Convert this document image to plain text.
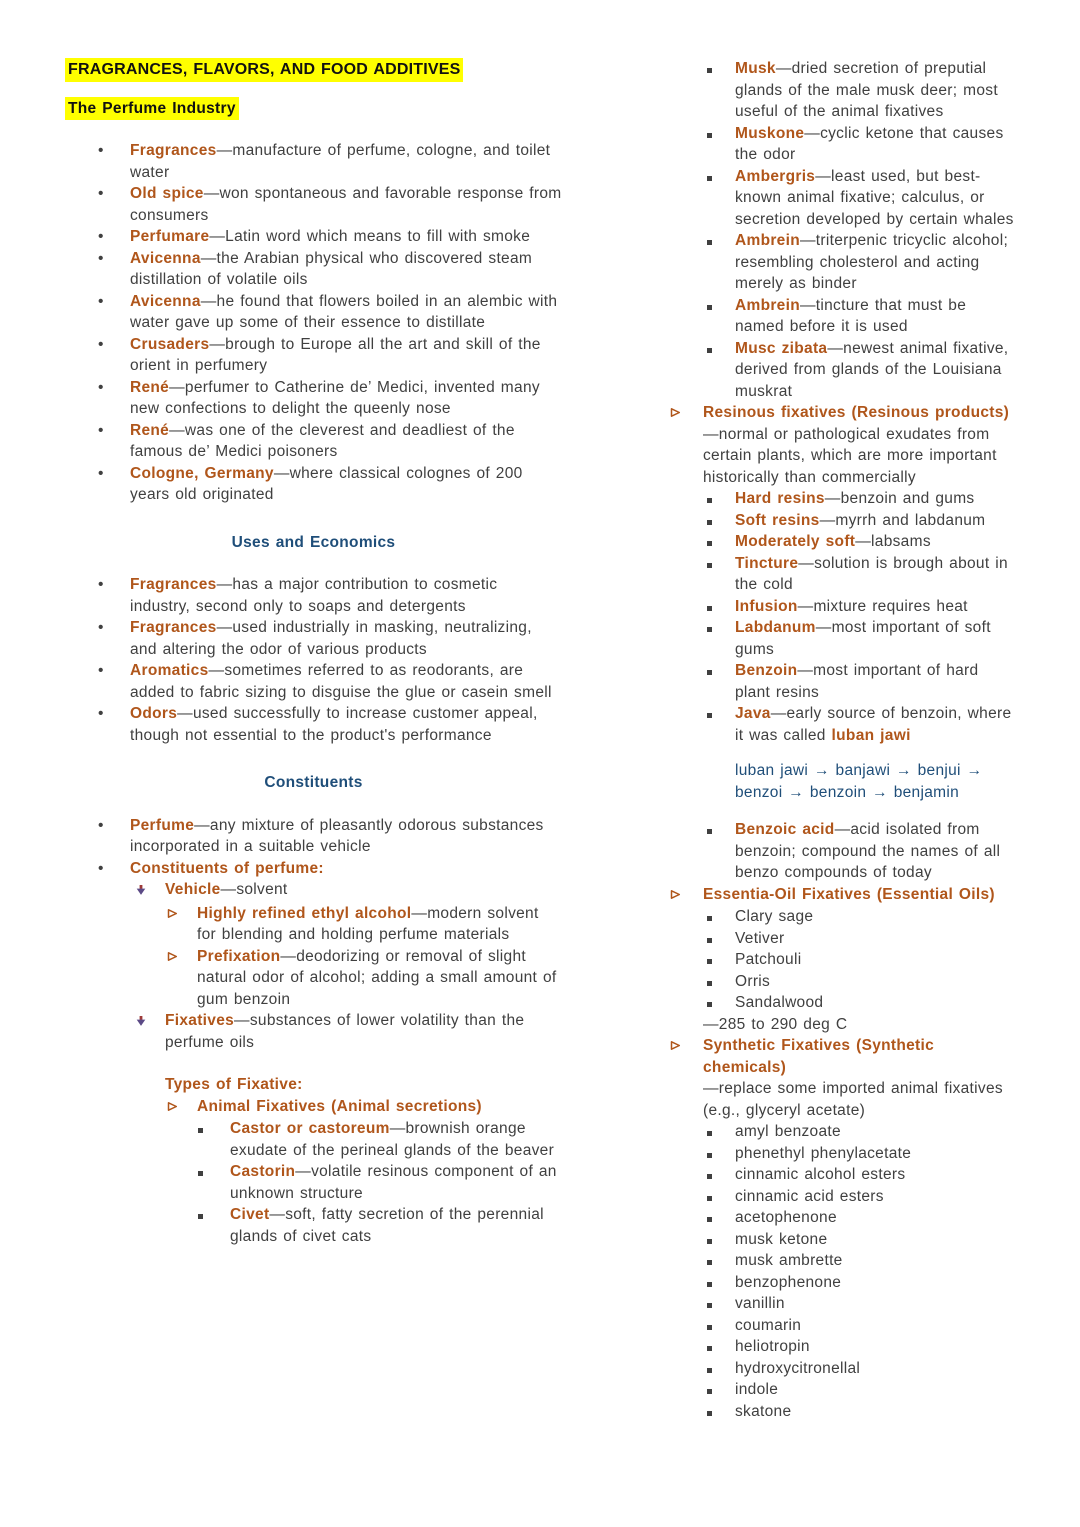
FRAGRANCES, FLAVORS, AND FOOD ADDITIVES
The Perfume Industry
•	Fragrances—manufacture of perfume, cologne, and toilet water
•	Old spice—won spontaneous and favorable response from consumers
•	Perfumare—Latin word which means to fill with smoke
•	Avicenna—the Arabian physical who discovered steam distillation of volatile oils
•	Avicenna—he found that flowers boiled in an alembic with water gave up some of their essence to distillate
•	Crusaders—brough to Europe all the art and skill of the orient in perfumery
•	René—perfumer to Catherine de’ Medici, invented many new confections to delight the queenly nose
•	René—was one of the cleverest and deadliest of the famous de’ Medici poisoners
•	Cologne, Germany—where classical colognes of 200 years old originated
Uses and Economics
•	Fragrances—has a major contribution to cosmetic industry, second only to soaps and detergents
•	Fragrances—used industrially in masking, neutralizing, and altering the odor of various products
•	Aromatics—sometimes referred to as reodorants, are added to fabric sizing to disguise the glue or casein smell
•	Odors—used successfully to increase customer appeal, though not essential to the product's performance
Constituents
•	Perfume—any mixture of pleasantly odorous substances incorporated in a suitable vehicle
•	Constituents of perfume:
Vehicle—solvent
Highly refined ethyl alcohol—modern solvent for blending and holding perfume materials
Prefixation—deodorizing or removal of slight natural odor of alcohol; adding a small amount of gum benzoin
Fixatives—substances of lower volatility than the perfume oils
Types of Fixative:
Animal Fixatives (Animal secretions)
Castor or castoreum—brownish orange exudate of the perineal glands of the beaver
Castorin—volatile resinous component of an unknown structure
Civet—soft, fatty secretion of the perennial glands of civet cats
Musk—dried secretion of preputial glands of the male musk deer; most useful of the animal fixatives
Muskone—cyclic ketone that causes the odor
Ambergris—least used, but best-known animal fixative; calculus, or secretion developed by certain whales
Ambrein—triterpenic tricyclic alcohol; resembling cholesterol and acting merely as binder
Ambrein—tincture that must be named before it is used
Musc zibata—newest animal fixative, derived from glands of the Louisiana muskrat
Resinous fixatives (Resinous products)
—normal or pathological exudates from certain plants, which are more important historically than commercially
Hard resins—benzoin and gums
Soft resins—myrrh and labdanum
Moderately soft—labsams
Tincture—solution is brough about in the cold
Infusion—mixture requires heat
Labdanum—most important of soft gums
Benzoin—most important of hard plant resins
Java—early source of benzoin, where it was called luban jawi
luban jawi → banjawi → benjui → benzoi → benzoin → benjamin
Benzoic acid—acid isolated from benzoin; compound the names of all benzo compounds of today
Essentia-Oil Fixatives (Essential Oils)
Clary sage
Vetiver
Patchouli
Orris
Sandalwood
—285 to 290 deg C
Synthetic Fixatives (Synthetic chemicals)
—replace some imported animal fixatives (e.g., glyceryl acetate)
amyl benzoate
phenethyl phenylacetate
cinnamic alcohol esters
cinnamic acid esters
acetophenone
musk ketone
musk ambrette
benzophenone
vanillin
coumarin
heliotropin
hydroxycitronellal
indole
skatone
